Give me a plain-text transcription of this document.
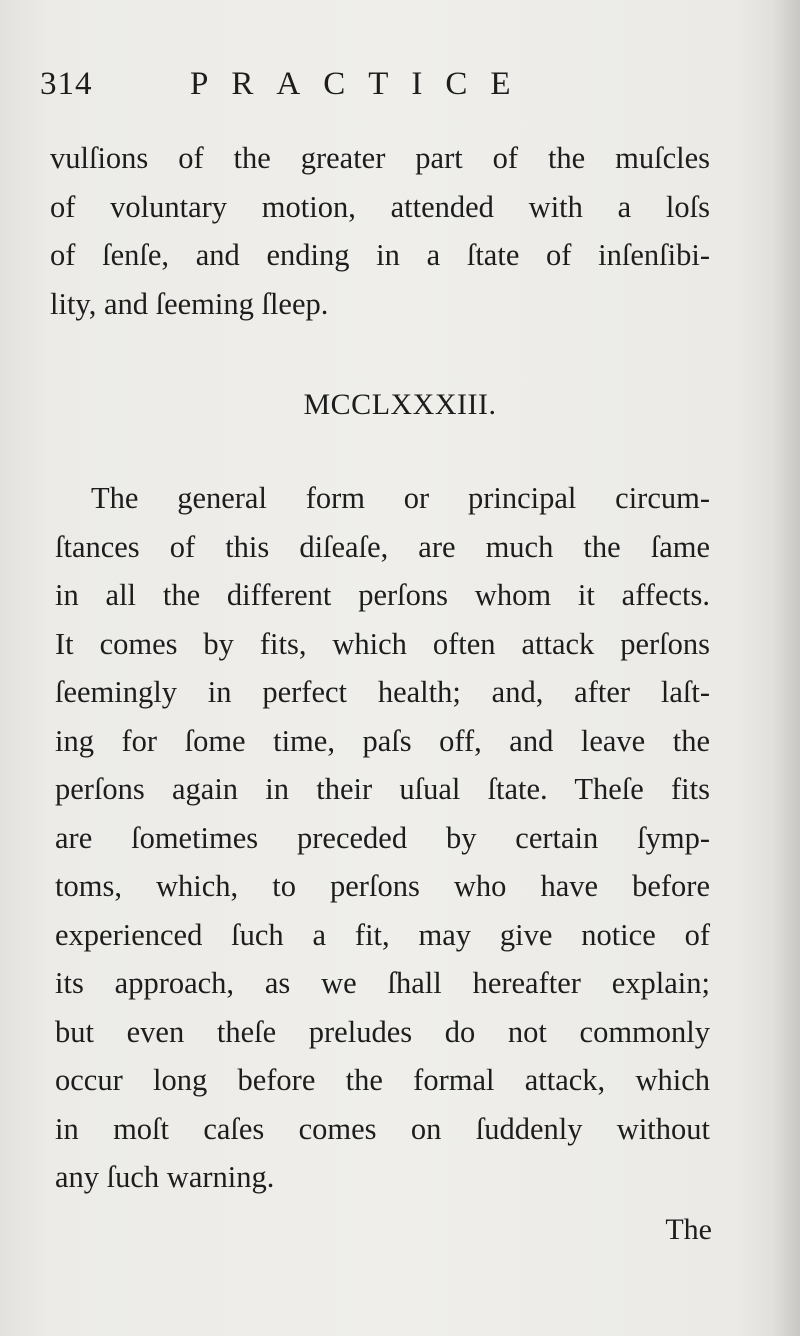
314	PRACTICE
vulſions of the greater part of the muſcles
of voluntary motion, attended with a loſs
of ſenſe, and ending in a ſtate of inſenſibi-
lity, and ſeeming ſleep.
MCCLXXXIII.
The general form or principal circum-
ſtances of this diſeaſe, are much the ſame
in all the different perſons whom it affects.
It comes by fits, which often attack perſons
ſeemingly in perfect health; and, after laſt-
ing for ſome time, paſs off, and leave the
perſons again in their uſual ſtate. Theſe fits
are ſometimes preceded by certain ſymp-
toms, which, to perſons who have before
experienced ſuch a fit, may give notice of
its approach, as we ſhall hereafter explain;
but even theſe preludes do not commonly
occur long before the formal attack, which
in moſt caſes comes on ſuddenly without
any ſuch warning.
The
